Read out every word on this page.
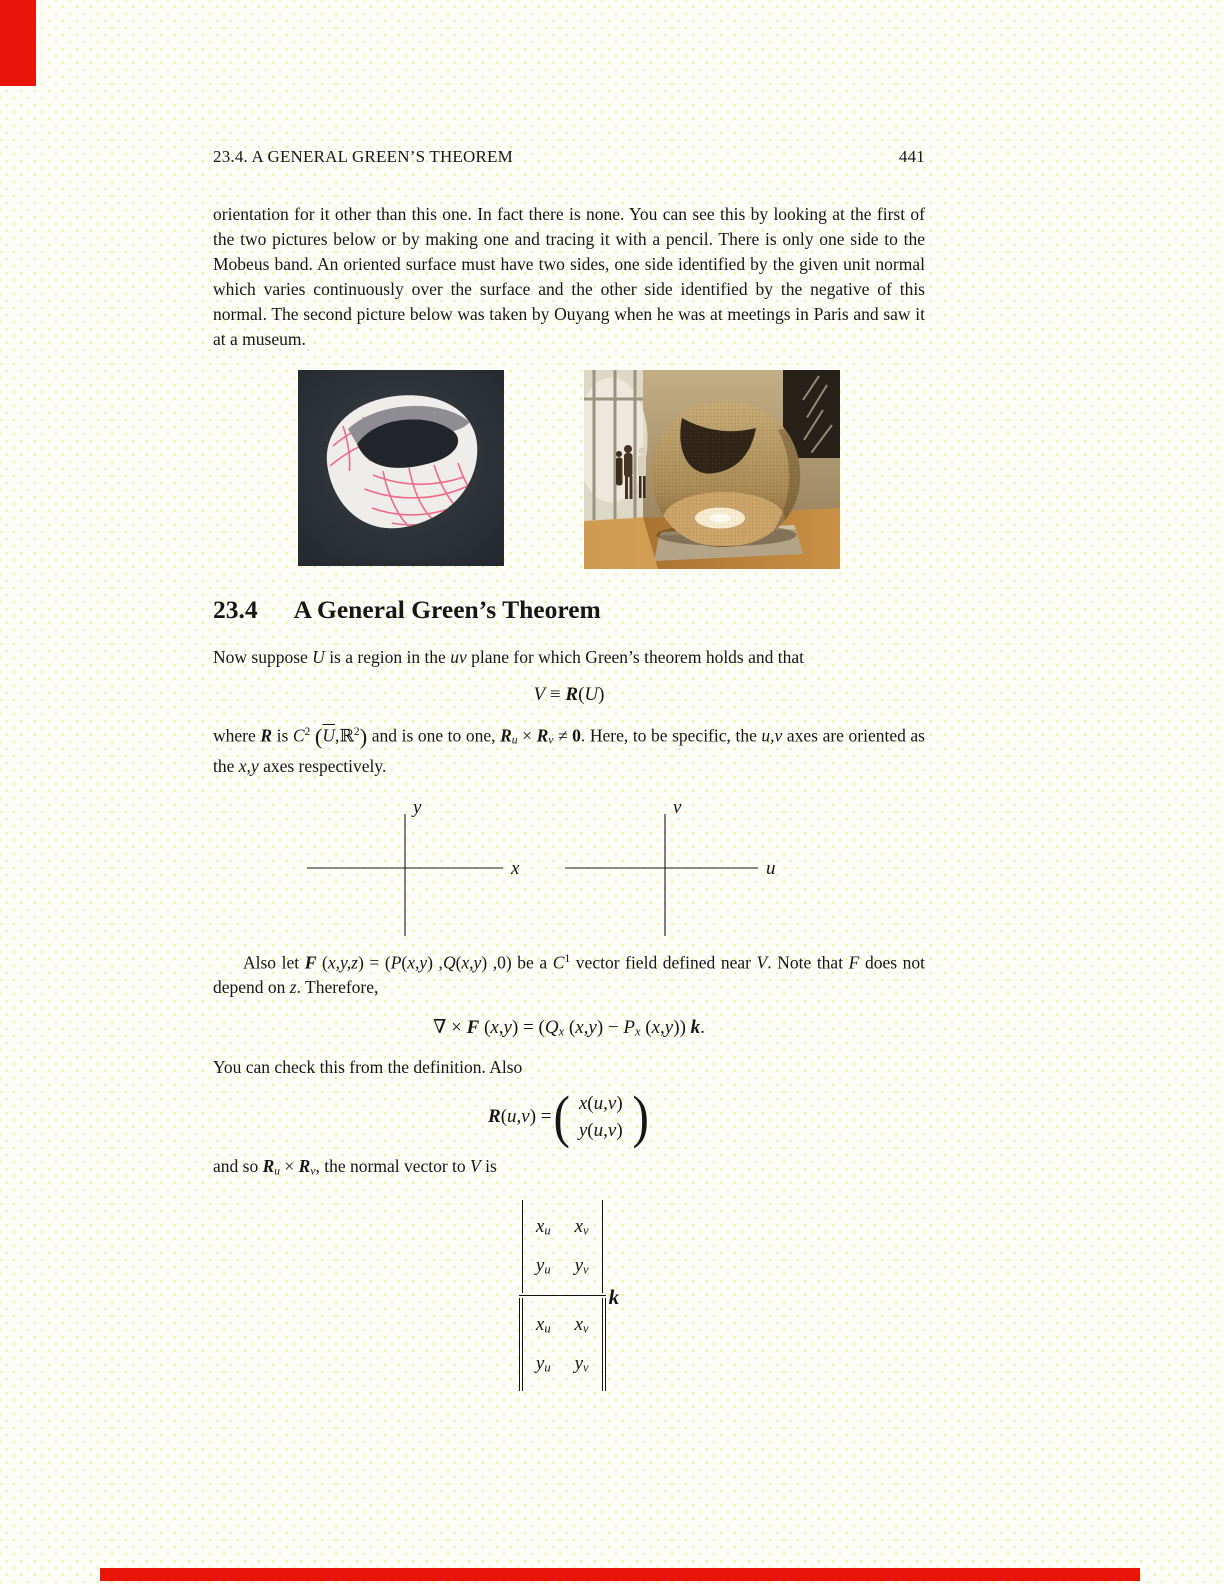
23.4. A GENERAL GREEN’S THEOREM	441

orientation for it other than this one. In fact there is none. You can see this by looking at the first of the two pictures below or by making one and tracing it with a pencil. There is only one side to the Mobeus band. An oriented surface must have two sides, one side identified by the given unit normal which varies continuously over the surface and the other side identified by the negative of this normal. The second picture below was taken by Ouyang when he was at meetings in Paris and saw it at a museum.

23.4 A General Green’s Theorem

Now suppose U is a region in the uv plane for which Green’s theorem holds and that

V ≡ R(U)

where R is $C^2$ $(\overline{U},ℝ^2)$ and is one to one, Ru × Rv ≠ 0. Here, to be specific, the u,v axes are oriented as the x,y axes respectively.

x
y
u
v

Also let F (x,y,z) = (P(x,y) ,Q(x,y) ,0) be a $C^1$ vector field defined near V. Note that F does not depend on z. Therefore,

∇ × F (x,y) = (Qx (x,y) − Px (x,y)) k.

You can check this from the definition. Also

R(u,v) = ( x(u,v)
y(u,v) )

and so Ru × Rv, the normal vector to V is

xu xv
yu yv
xu xv
yu yv k
